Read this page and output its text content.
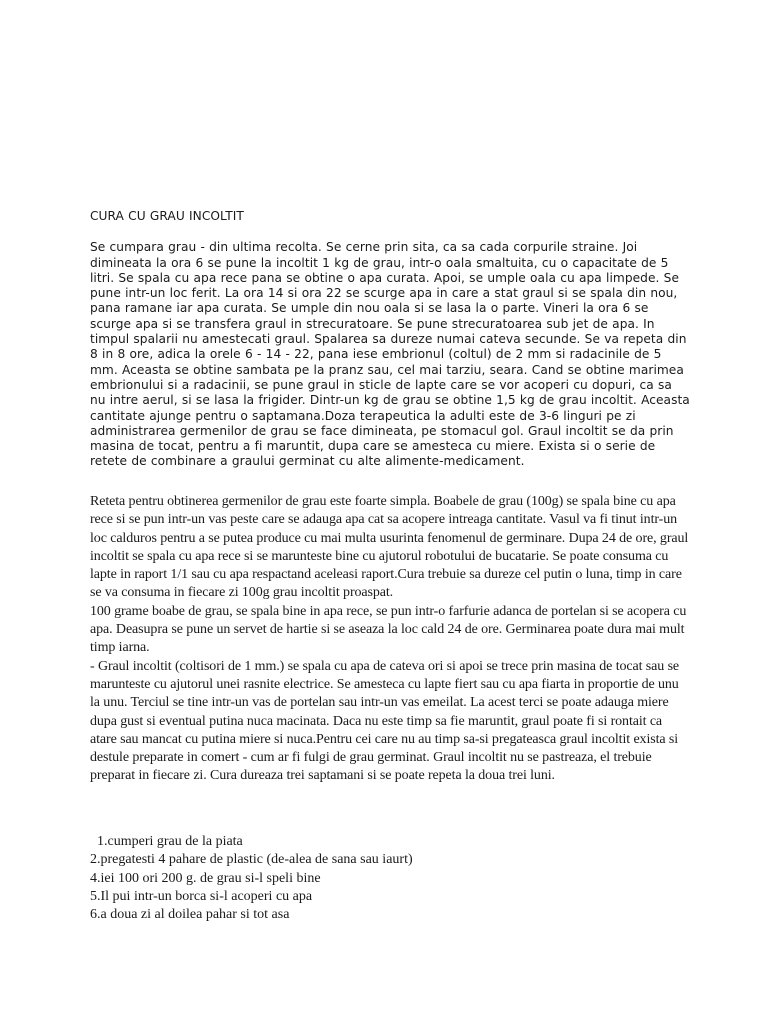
CURA CU GRAU INCOLTIT

Se cumpara grau - din ultima recolta. Se cerne prin sita, ca sa cada corpurile straine. Joi dimineata la ora 6 se pune la incoltit 1 kg de grau, intr-o oala smaltuita, cu o capacitate de 5 litri. Se spala cu apa rece pana se obtine o apa curata. Apoi, se umple oala cu apa limpede. Se pune intr-un loc ferit. La ora 14 si ora 22 se scurge apa in care a stat graul si se spala din nou, pana ramane iar apa curata. Se umple din nou oala si se lasa la o parte. Vineri la ora 6 se scurge apa si se transfera graul in strecuratoare. Se pune strecuratoarea sub jet de apa. In timpul spalarii nu amestecati graul. Spalarea sa dureze numai cateva secunde. Se va repeta din 8 in 8 ore, adica la orele 6 - 14 - 22, pana iese embrionul (coltul) de 2 mm si radacinile de 5 mm. Aceasta se obtine sambata pe la pranz sau, cel mai tarziu, seara. Cand se obtine marimea embrionului si a radacinii, se pune graul in sticle de lapte care se vor acoperi cu dopuri, ca sa nu intre aerul, si se lasa la frigider. Dintr-un kg de grau se obtine 1,5 kg de grau incoltit. Aceasta cantitate ajunge pentru o saptamana.Doza terapeutica la adulti este de 3-6 linguri pe zi administrarea germenilor de grau se face dimineata, pe stomacul gol. Graul incoltit se da prin masina de tocat, pentru a fi maruntit, dupa care se amesteca cu miere. Exista si o serie de retete de combinare a graului germinat cu alte alimente-medicament.

Reteta pentru obtinerea germenilor de grau este foarte simpla. Boabele de grau (100g) se spala bine cu apa rece si se pun intr-un vas peste care se adauga apa cat sa acopere intreaga cantitate. Vasul va fi tinut intr-un loc calduros pentru a se putea produce cu mai multa usurinta fenomenul de germinare. Dupa 24 de ore, graul incoltit se spala cu apa rece si se maruntestе bine cu ajutorul robotului de bucatarie. Se poate consuma cu lapte in raport 1/1 sau cu apa respactand aceleasi raport.Cura trebuie sa dureze cel putin o luna, timp in care se va consuma in fiecare zi 100g grau incoltit proaspat.

100 grame boabe de grau, se spala bine in apa rece, se pun intr-o farfurie adanca de portelan si se acopera cu apa. Deasupra se pune un servet de hartie si se aseaza la loc cald 24 de ore. Germinarea poate dura mai mult timp iarna.

- Graul incoltit (coltisori de 1 mm.) se spala cu apa de cateva ori si apoi se trece prin masina de tocat sau se maruntestе cu ajutorul unei rasnite electrice. Se amesteca cu lapte fiert sau cu apa fiarta in proportie de unu la unu. Terciul se tine intr-un vas de portelan sau intr-un vas emeilat. La acest terci se poate adauga miere dupa gust si eventual putina nuca macinata. Daca nu este timp sa fie maruntit, graul poate fi si rontait ca atare sau mancat cu putina miere si nuca.Pentru cei care nu au timp sa-si pregateasca graul incoltit exista si destule preparate in comert - cum ar fi fulgi de grau germinat. Graul incoltit nu se pastreaza, el trebuie preparat in fiecare zi. Cura dureaza trei saptamani si se poate repeta la doua trei luni.

1.cumperi grau de la piata
2.pregatesti 4 pahare de plastic (de-alea de sana sau iaurt)
4.iei 100 ori 200 g. de grau si-l speli bine
5.Il pui intr-un borca si-l acoperi cu apa
6.a doua zi al doilea pahar si tot asa
